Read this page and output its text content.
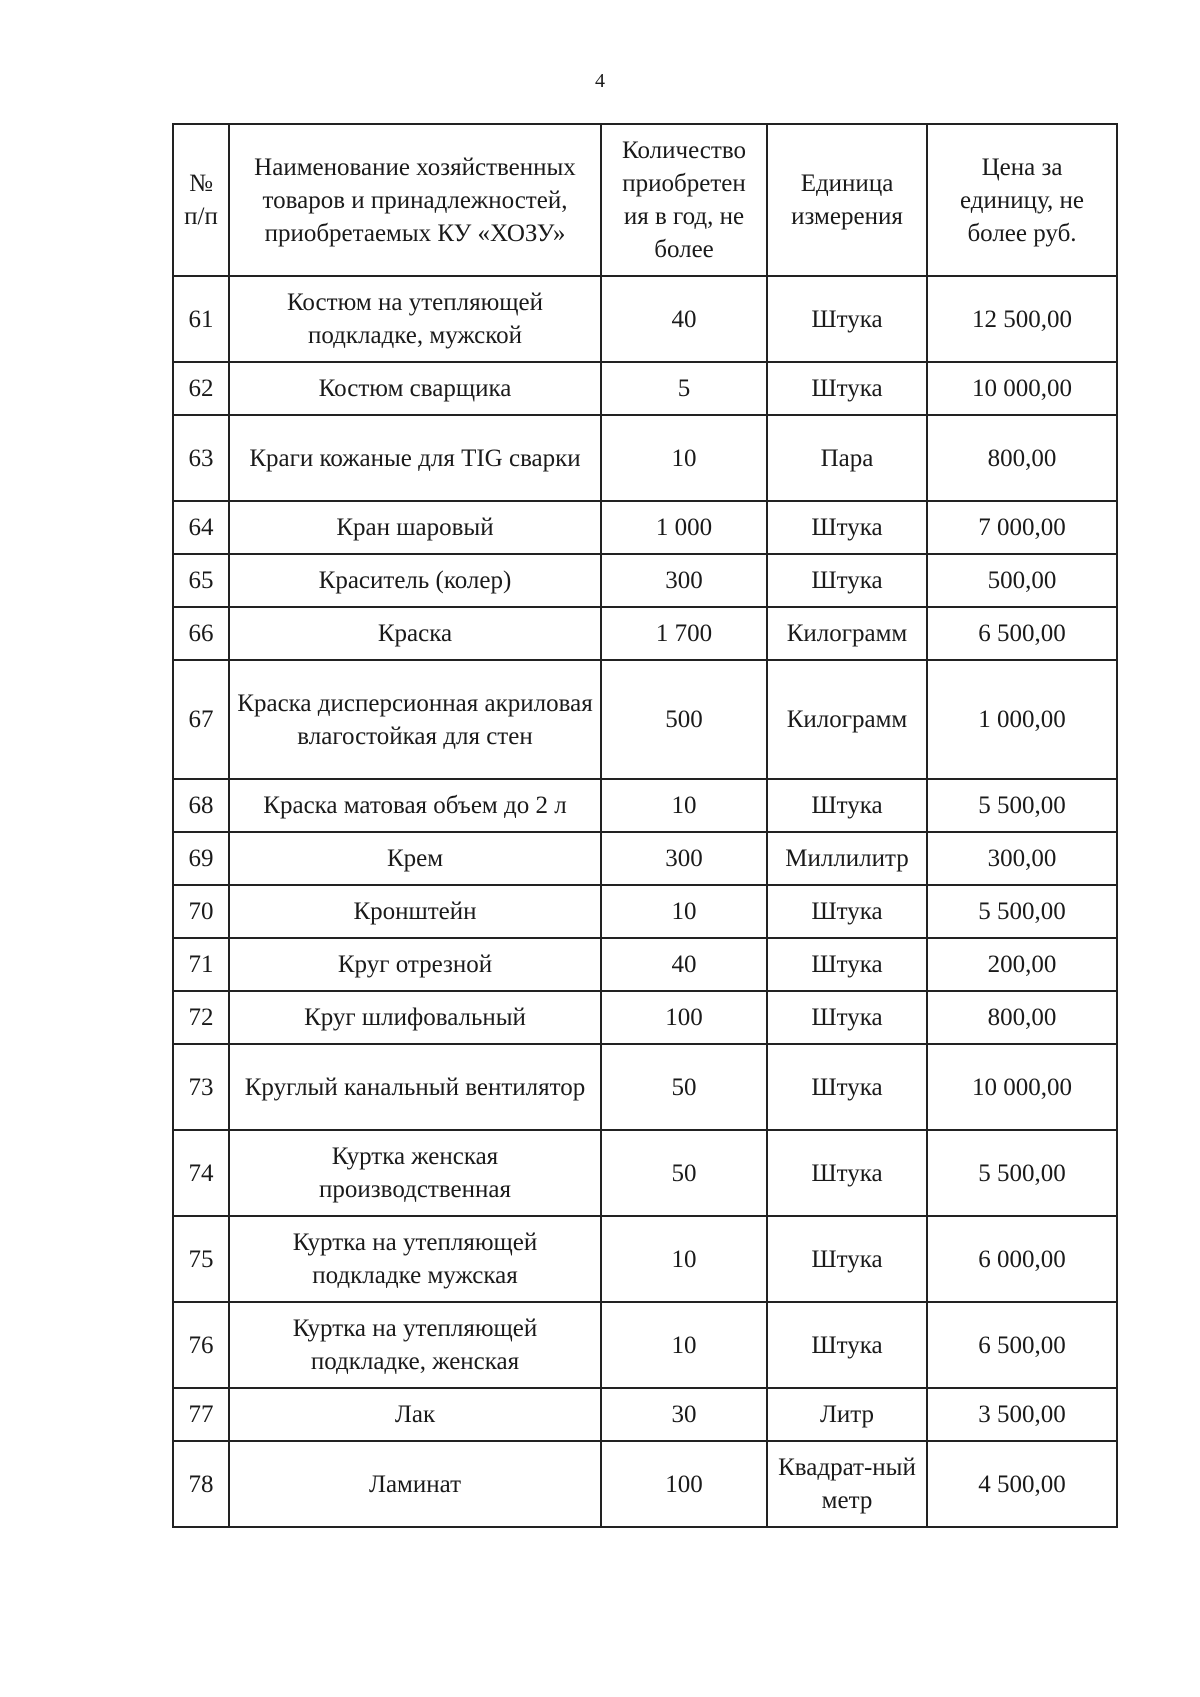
4
№ п/п	Наименование хозяйственных товаров и принадлежностей, приобретаемых КУ «ХОЗУ»	Количество приобретен ия в год, не более	Единица измерения	Цена за единицу, не более руб.
61	Костюм на утепляющей подкладке, мужской	40	Штука	12 500,00
62	Костюм сварщика	5	Штука	10 000,00
63	Краги кожаные для TIG сварки	10	Пара	800,00
64	Кран шаровый	1 000	Штука	7 000,00
65	Краситель (колер)	300	Штука	500,00
66	Краска	1 700	Килограмм	6 500,00
67	Краска дисперсионная акриловая влагостойкая для стен	500	Килограмм	1 000,00
68	Краска матовая объем до 2 л	10	Штука	5 500,00
69	Крем	300	Миллилитр	300,00
70	Кронштейн	10	Штука	5 500,00
71	Круг отрезной	40	Штука	200,00
72	Круг шлифовальный	100	Штука	800,00
73	Круглый канальный вентилятор	50	Штука	10 000,00
74	Куртка женская производственная	50	Штука	5 500,00
75	Куртка на утепляющей подкладке мужская	10	Штука	6 000,00
76	Куртка на утепляющей подкладке, женская	10	Штука	6 500,00
77	Лак	30	Литр	3 500,00
78	Ламинат	100	Квадрат-ный метр	4 500,00
